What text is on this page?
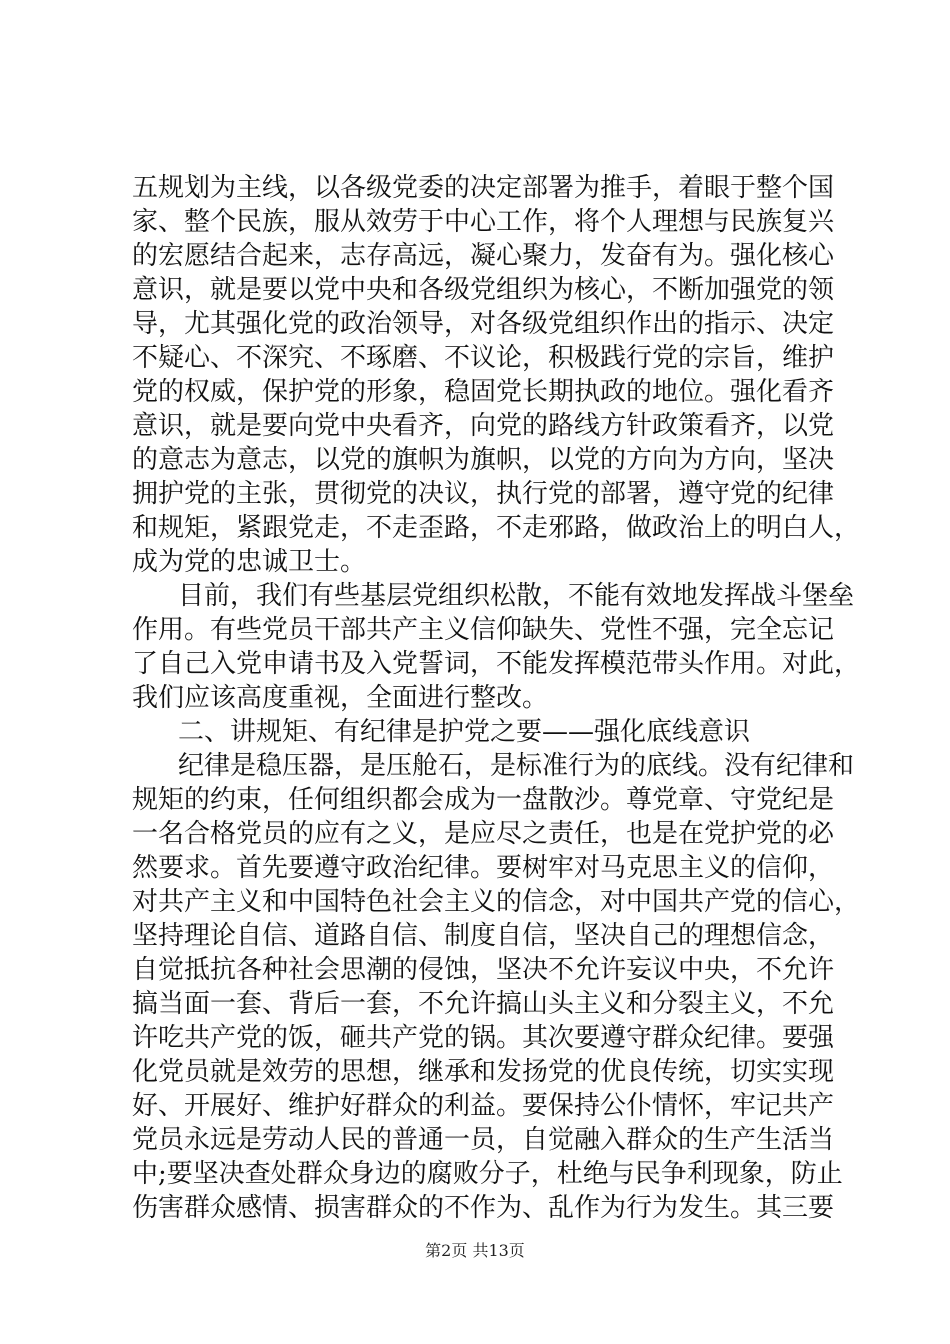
五规划为主线，以各级党委的决定部署为推手，着眼于整个国
家、整个民族，服从效劳于中心工作，将个人理想与民族复兴
的宏愿结合起来，志存高远，凝心聚力，发奋有为。强化核心
意识，就是要以党中央和各级党组织为核心，不断加强党的领
导，尤其强化党的政治领导，对各级党组织作出的指示、决定
不疑心、不深究、不琢磨、不议论，积极践行党的宗旨，维护
党的权威，保护党的形象，稳固党长期执政的地位。强化看齐
意识，就是要向党中央看齐，向党的路线方针政策看齐，以党
的意志为意志，以党的旗帜为旗帜，以党的方向为方向，坚决
拥护党的主张，贯彻党的决议，执行党的部署，遵守党的纪律
和规矩，紧跟党走，不走歪路，不走邪路，做政治上的明白人，
成为党的忠诚卫士。
目前，我们有些基层党组织松散，不能有效地发挥战斗堡垒
作用。有些党员干部共产主义信仰缺失、党性不强，完全忘记
了自己入党申请书及入党誓词，不能发挥模范带头作用。对此，
我们应该高度重视，全面进行整改。
二、讲规矩、有纪律是护党之要——强化底线意识
纪律是稳压器，是压舱石，是标准行为的底线。没有纪律和
规矩的约束，任何组织都会成为一盘散沙。尊党章、守党纪是
一名合格党员的应有之义，是应尽之责任，也是在党护党的必
然要求。首先要遵守政治纪律。要树牢对马克思主义的信仰，
对共产主义和中国特色社会主义的信念，对中国共产党的信心，
坚持理论自信、道路自信、制度自信，坚决自己的理想信念，
自觉抵抗各种社会思潮的侵蚀，坚决不允许妄议中央，不允许
搞当面一套、背后一套，不允许搞山头主义和分裂主义，不允
许吃共产党的饭，砸共产党的锅。其次要遵守群众纪律。要强
化党员就是效劳的思想，继承和发扬党的优良传统，切实实现
好、开展好、维护好群众的利益。要保持公仆情怀，牢记共产
党员永远是劳动人民的普通一员，自觉融入群众的生产生活当
中;要坚决查处群众身边的腐败分子，杜绝与民争利现象，防止
伤害群众感情、损害群众的不作为、乱作为行为发生。其三要
第2页 共13页
